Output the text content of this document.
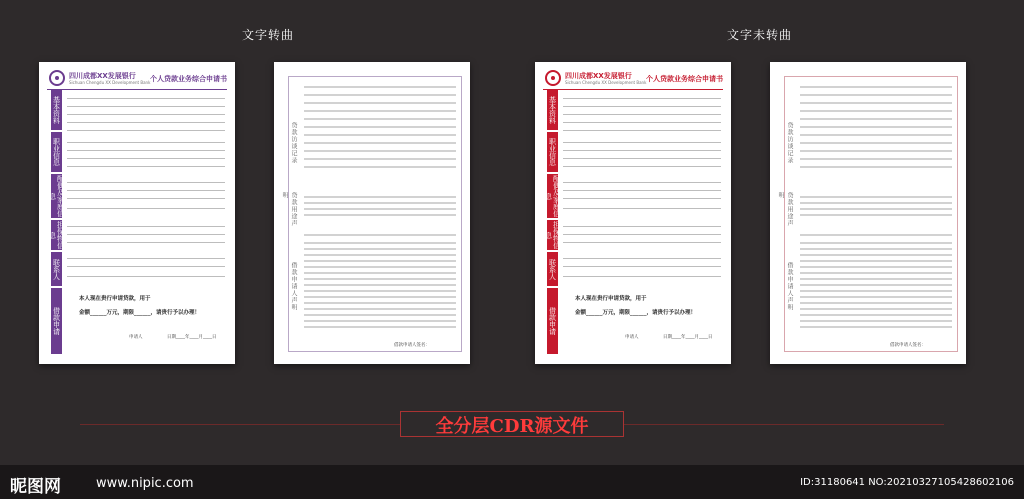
文字转曲	文字未转曲
四川成都XX发展银行
Sichuan Chengdu XX Development Bank 个人贷款业务综合申请书
基本资料
职业信息
配偶及家庭信息
担保物信息
联系人
借款申请
本人现在贵行申请贷款，用于
金额______万元，期限______，请贵行予以办理！
申请人	日期____年____月____日
贷款访谈记录
贷款用途声明
借款申请人声明
借款申请人签名：
四川成都XX发展银行
Sichuan Chengdu XX Development Bank 个人贷款业务综合申请书
基本资料
职业信息
配偶及家庭信息
担保物信息
联系人
借款申请
本人现在贵行申请贷款，用于
金额______万元，期限______，请贵行予以办理！
申请人	日期____年____月____日
贷款访谈记录
贷款用途声明
借款申请人声明
借款申请人签名：
全分层CDR源文件
昵图网	www.nipic.com	ID:31180641 NO:20210327105428602106
